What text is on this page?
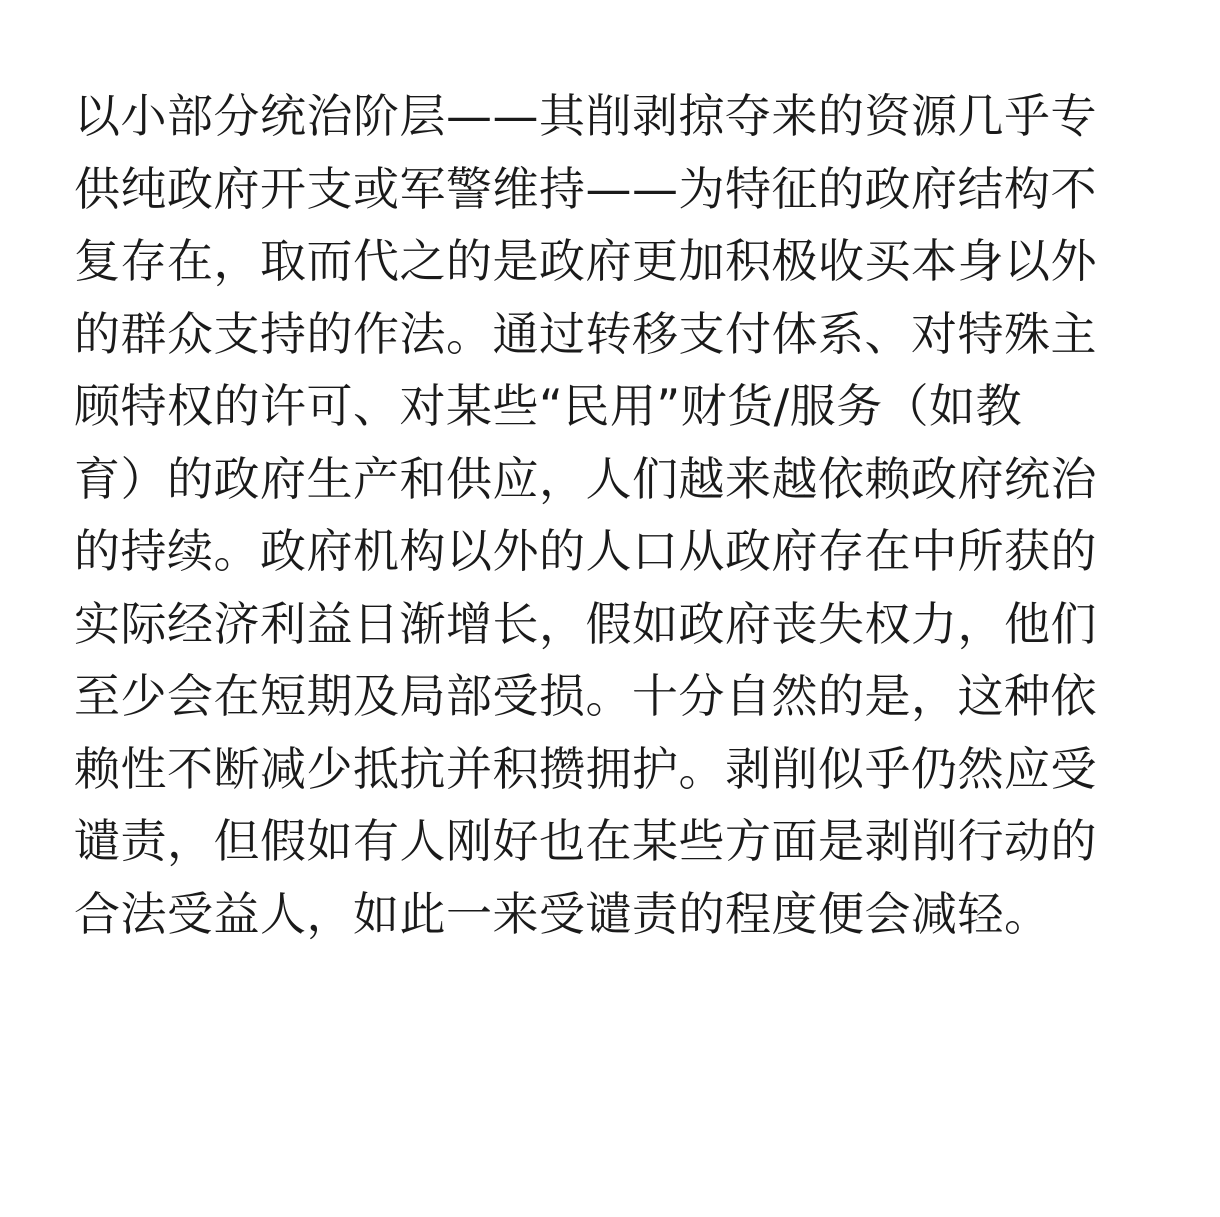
以小部分统治阶层——其削剥掠夺来的资源几乎专
供纯政府开支或军警维持——为特征的政府结构不
复存在，取而代之的是政府更加积极收买本身以外
的群众支持的作法。通过转移支付体系、对特殊主
顾特权的许可、对某些“民用”财货/服务（如教
育）的政府生产和供应，人们越来越依赖政府统治
的持续。政府机构以外的人口从政府存在中所获的
实际经济利益日渐增长，假如政府丧失权力，他们
至少会在短期及局部受损。十分自然的是，这种依
赖性不断减少抵抗并积攒拥护。剥削似乎仍然应受
谴责，但假如有人刚好也在某些方面是剥削行动的
合法受益人，如此一来受谴责的程度便会减轻。
